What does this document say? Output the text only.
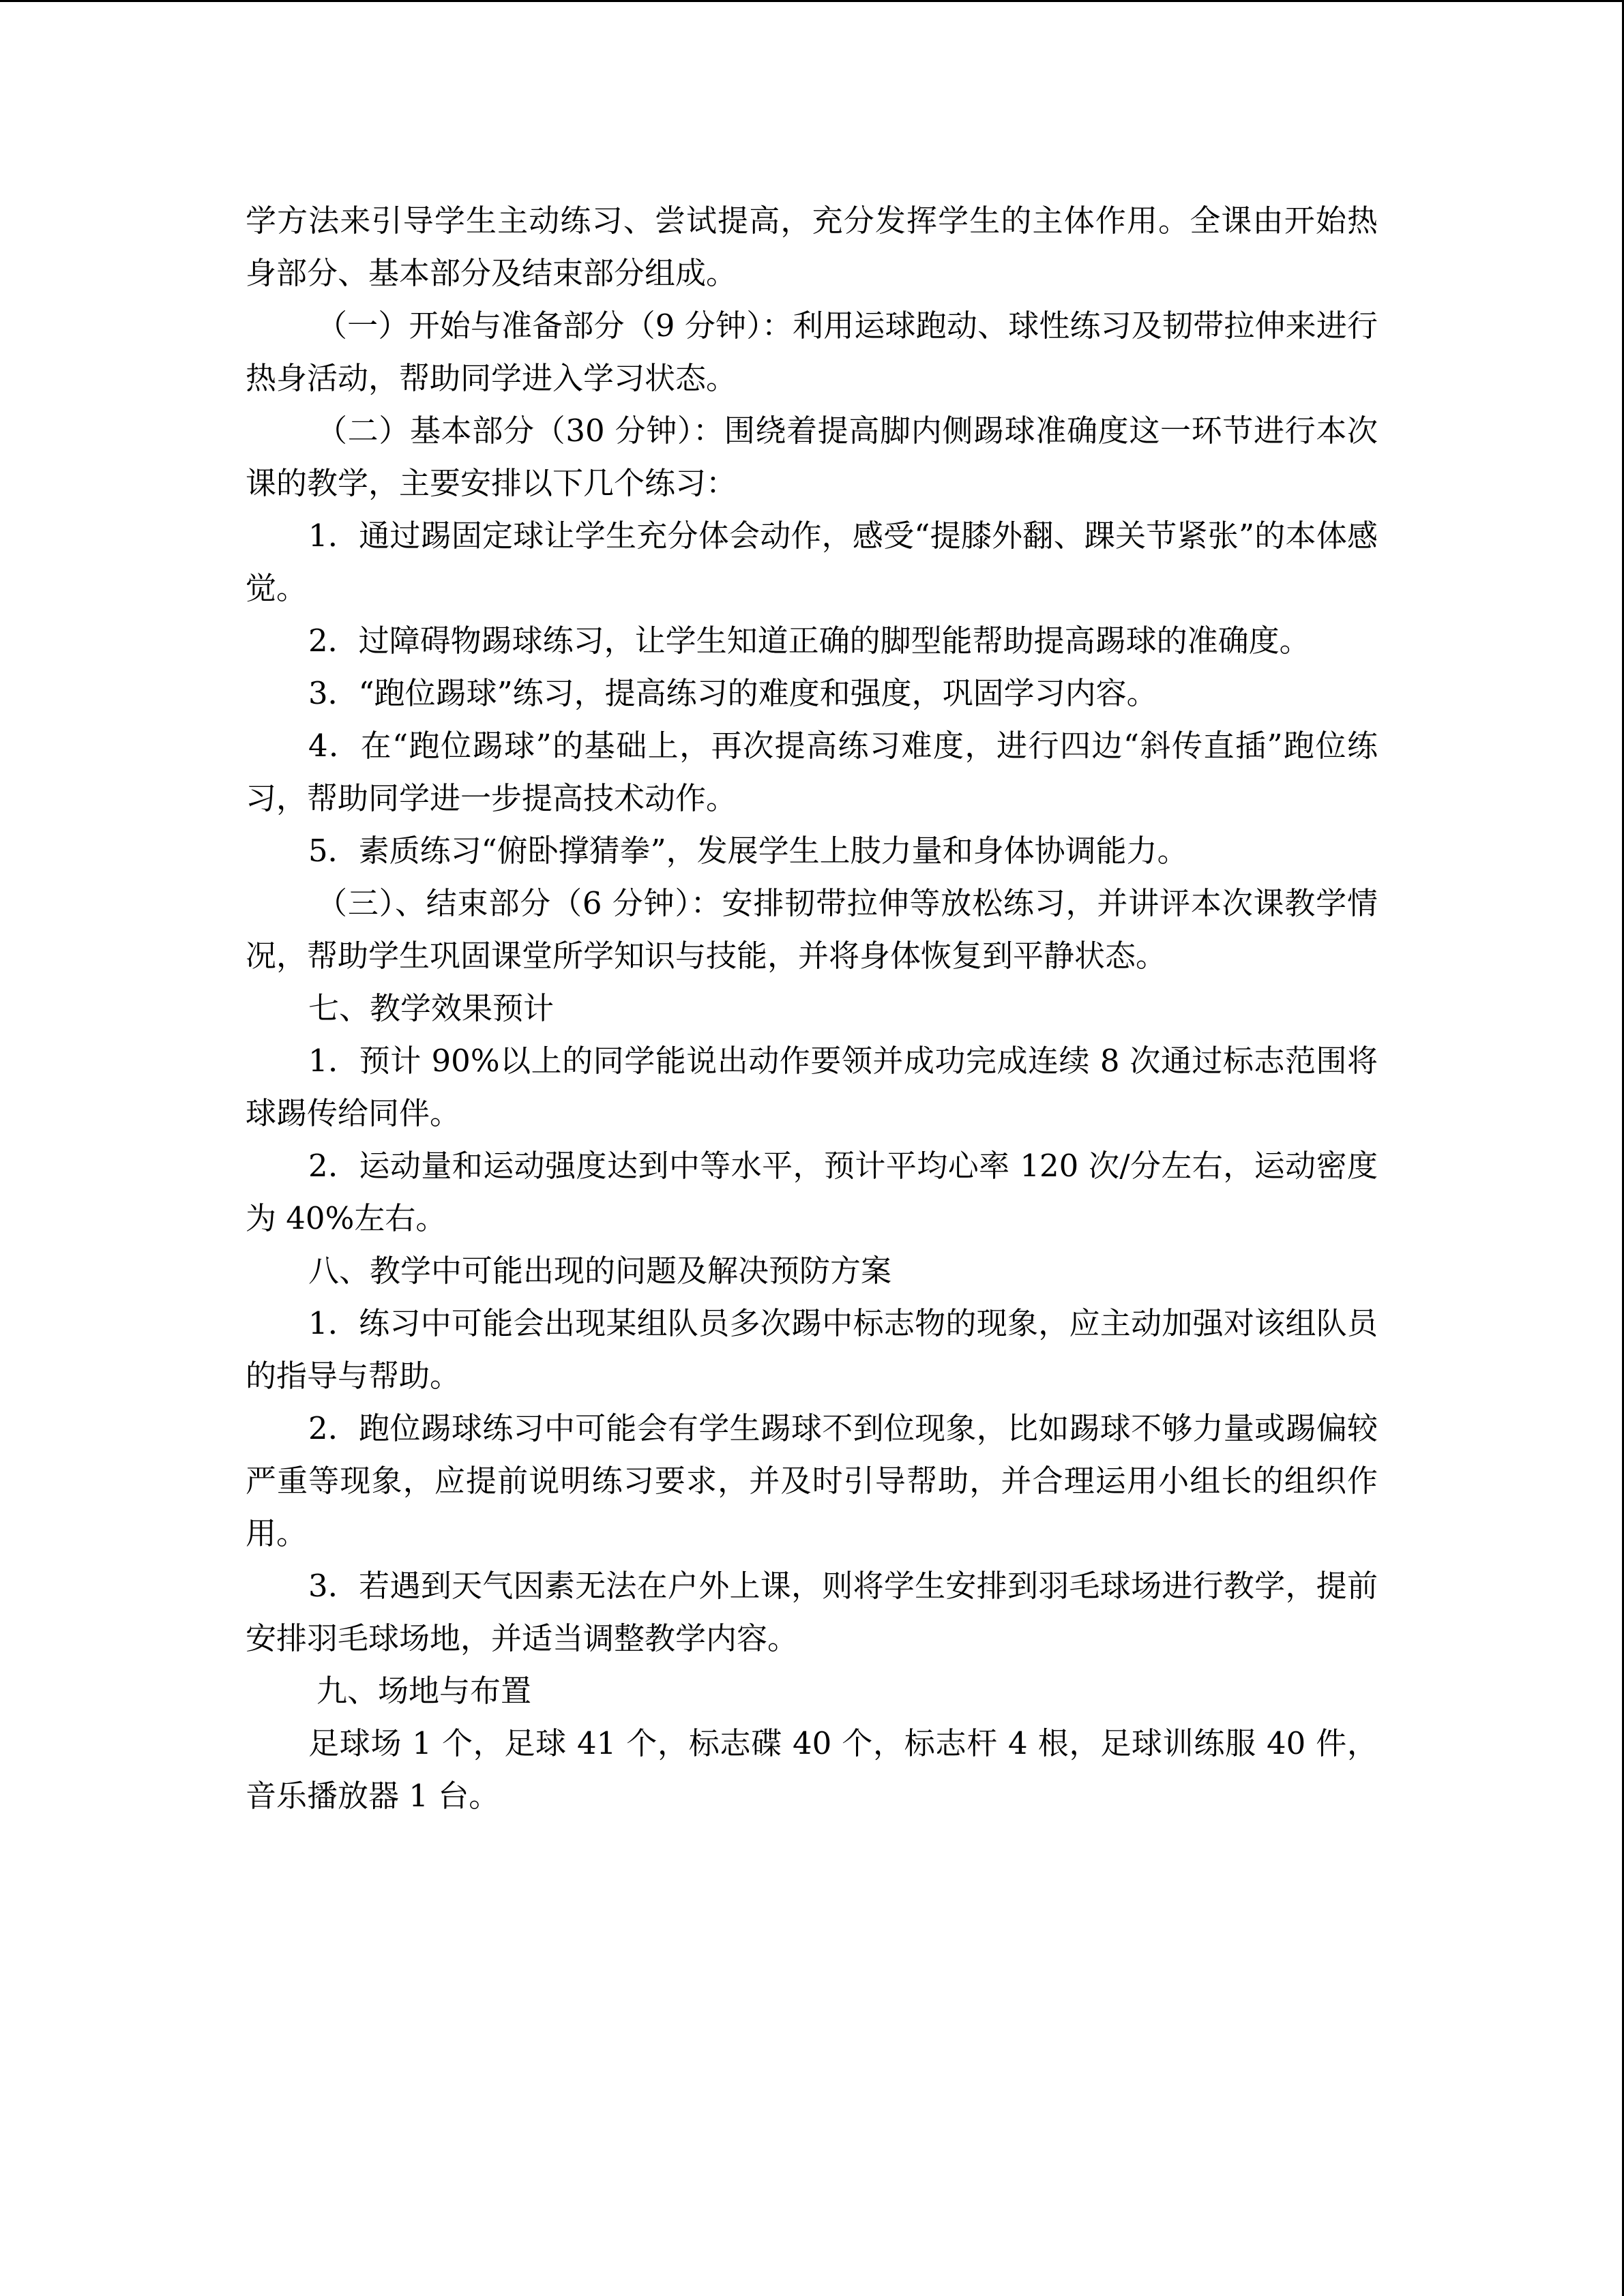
学方法来引导学生主动练习、尝试提高，充分发挥学生的主体作用。全课由开始热身部分、基本部分及结束部分组成。

（一）开始与准备部分（9 分钟）：利用运球跑动、球性练习及韧带拉伸来进行热身活动，帮助同学进入学习状态。

（二）基本部分（30 分钟）：围绕着提高脚内侧踢球准确度这一环节进行本次课的教学，主要安排以下几个练习：

1．通过踢固定球让学生充分体会动作，感受“提膝外翻、踝关节紧张”的本体感觉。

2．过障碍物踢球练习，让学生知道正确的脚型能帮助提高踢球的准确度。

3．“跑位踢球”练习，提高练习的难度和强度，巩固学习内容。

4．在“跑位踢球”的基础上，再次提高练习难度，进行四边“斜传直插”跑位练习，帮助同学进一步提高技术动作。

5．素质练习“俯卧撑猜拳”，发展学生上肢力量和身体协调能力。

（三）、结束部分（6 分钟）：安排韧带拉伸等放松练习，并讲评本次课教学情况，帮助学生巩固课堂所学知识与技能，并将身体恢复到平静状态。

七、教学效果预计

1．预计 90%以上的同学能说出动作要领并成功完成连续 8 次通过标志范围将球踢传给同伴。

2．运动量和运动强度达到中等水平，预计平均心率 120 次/分左右，运动密度为 40%左右。

八、教学中可能出现的问题及解决预防方案

1．练习中可能会出现某组队员多次踢中标志物的现象，应主动加强对该组队员的指导与帮助。

2．跑位踢球练习中可能会有学生踢球不到位现象，比如踢球不够力量或踢偏较严重等现象，应提前说明练习要求，并及时引导帮助，并合理运用小组长的组织作用。

3．若遇到天气因素无法在户外上课，则将学生安排到羽毛球场进行教学，提前安排羽毛球场地，并适当调整教学内容。

九、场地与布置

足球场 1 个，足球 41 个，标志碟 40 个，标志杆 4 根，足球训练服 40 件，音乐播放器 1 台。
